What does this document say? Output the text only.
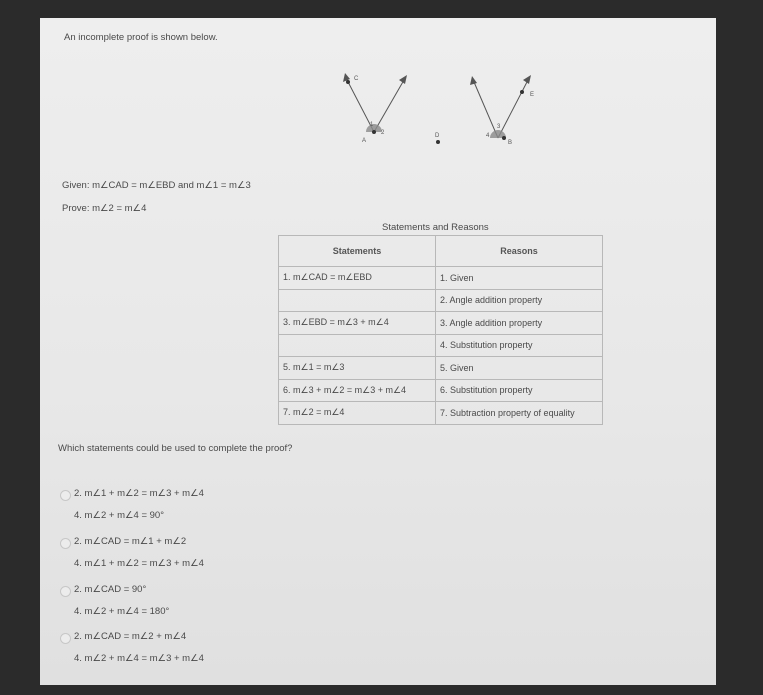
An incomplete proof is shown below.
C
A
1
2	D
E
B
3
4
Given: m∠CAD = m∠EBD and m∠1 = m∠3
Prove: m∠2 = m∠4
Statements and Reasons
Statements	Reasons
1. m∠CAD = m∠EBD	1. Given
	2. Angle addition property
3. m∠EBD = m∠3 + m∠4	3. Angle addition property
	4. Substitution property
5. m∠1 = m∠3	5. Given
6. m∠3 + m∠2 = m∠3 + m∠4	6. Substitution property
7. m∠2 = m∠4	7. Subtraction property of equality
Which statements could be used to complete the proof?
2. m∠1 + m∠2 = m∠3 + m∠4
4. m∠2 + m∠4 = 90°
2. m∠CAD = m∠1 + m∠2
4. m∠1 + m∠2 = m∠3 + m∠4
2. m∠CAD = 90°
4. m∠2 + m∠4 = 180°
2. m∠CAD = m∠2 + m∠4
4. m∠2 + m∠4 = m∠3 + m∠4
